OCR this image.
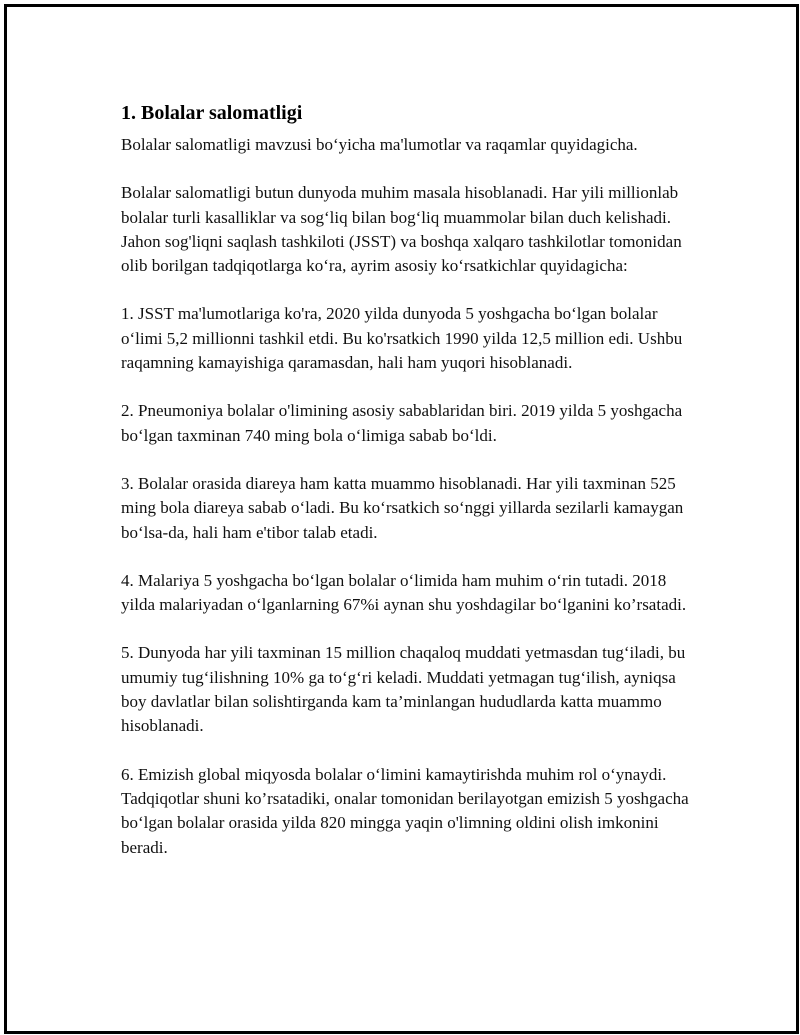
1. Bolalar salomatligi

Bolalar salomatligi mavzusi bo‘yicha ma'lumotlar va raqamlar quyidagicha.

Bolalar salomatligi butun dunyoda muhim masala hisoblanadi. Har yili millionlab bolalar turli kasalliklar va sog‘liq bilan bog‘liq muammolar bilan duch kelishadi. Jahon sog'liqni saqlash tashkiloti (JSST) va boshqa xalqaro tashkilotlar tomonidan olib borilgan tadqiqotlarga ko‘ra, ayrim asosiy ko‘rsatkichlar quyidagicha:

1. JSST ma'lumotlariga ko'ra, 2020 yilda dunyoda 5 yoshgacha bo‘lgan bolalar o‘limi 5,2 millionni tashkil etdi. Bu ko'rsatkich 1990 yilda 12,5 million edi. Ushbu raqamning kamayishiga qaramasdan, hali ham yuqori hisoblanadi.

2. Pneumoniya bolalar o'limining asosiy sabablaridan biri. 2019 yilda 5 yoshgacha bo‘lgan taxminan 740 ming bola o‘limiga sabab bo‘ldi.

3. Bolalar orasida diareya ham katta muammo hisoblanadi. Har yili taxminan 525 ming bola diareya sabab o‘ladi. Bu ko‘rsatkich so‘nggi yillarda sezilarli kamaygan bo‘lsa-da, hali ham e'tibor talab etadi.

4. Malariya 5 yoshgacha bo‘lgan bolalar o‘limida ham muhim o‘rin tutadi. 2018 yilda malariyadan o‘lganlarning 67%i aynan shu yoshdagilar bo‘lganini ko’rsatadi.

5. Dunyoda har yili taxminan 15 million chaqaloq muddati yetmasdan tug‘iladi, bu umumiy tug‘ilishning 10% ga to‘g‘ri keladi. Muddati yetmagan tug‘ilish, ayniqsa boy davlatlar bilan solishtirganda kam ta’minlangan hududlarda katta muammo hisoblanadi.

6. Emizish global miqyosda bolalar o‘limini kamaytirishda muhim rol o‘ynaydi. Tadqiqotlar shuni ko’rsatadiki, onalar tomonidan berilayotgan emizish 5 yoshgacha bo‘lgan bolalar orasida yilda 820 mingga yaqin o'limning oldini olish imkonini beradi.
